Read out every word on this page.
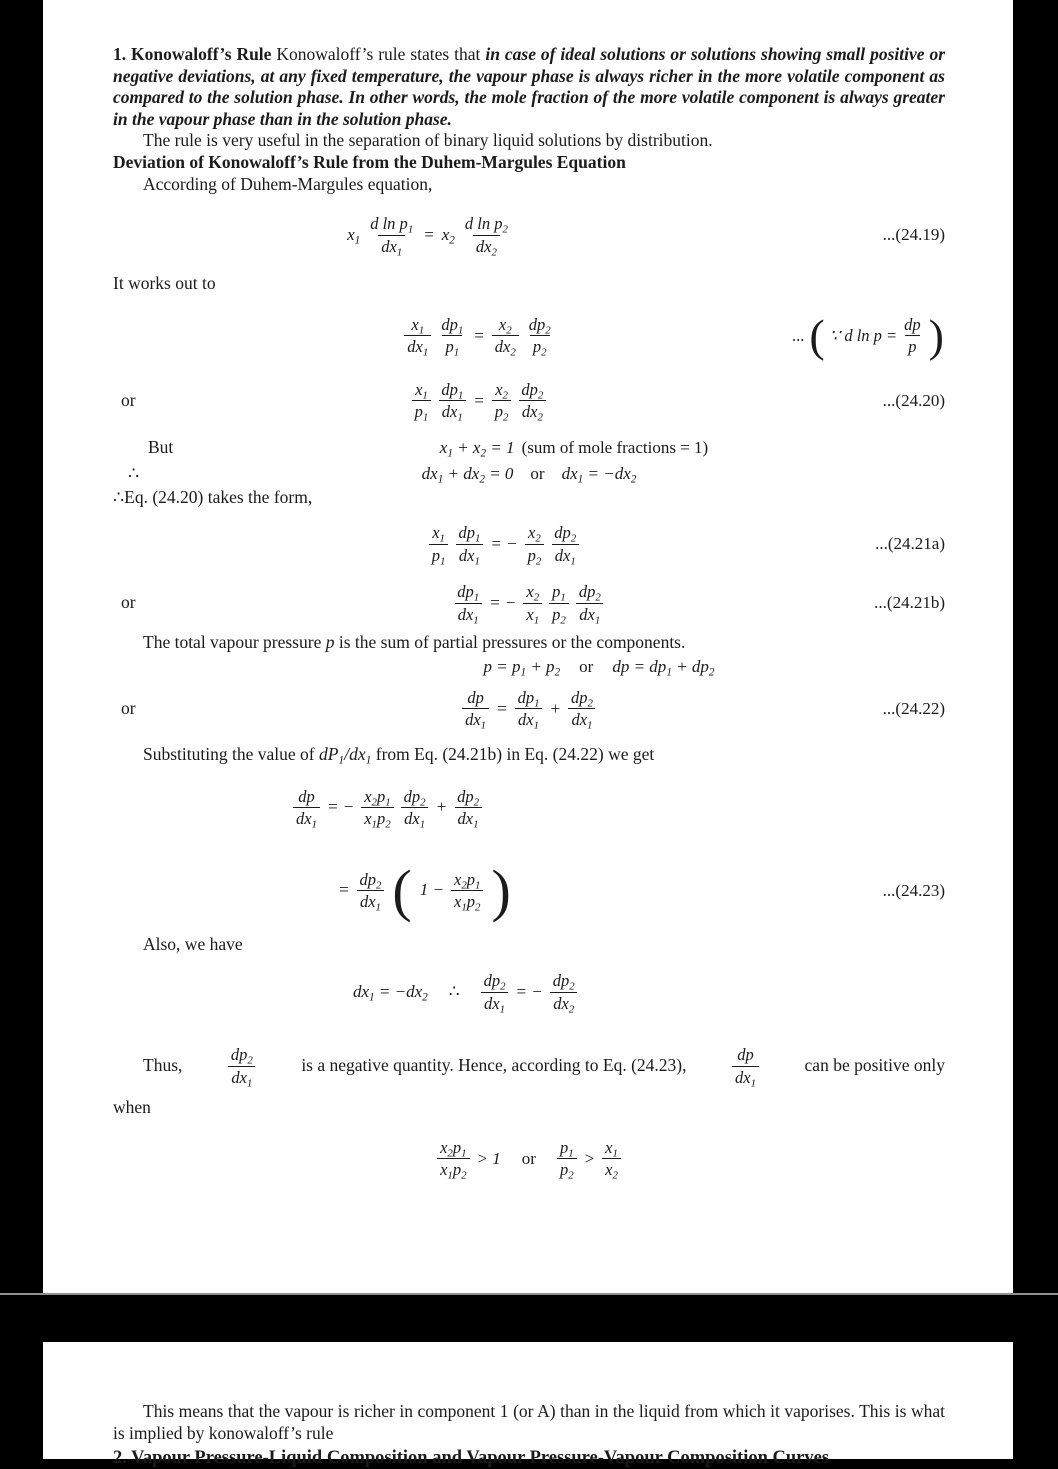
1. Konowaloff’s Rule Konowaloff’s rule states that in case of ideal solutions or solutions showing small positive or negative deviations, at any fixed temperature, the vapour phase is always richer in the more volatile component as compared to the solution phase. In other words, the mole fraction of the more volatile component is always greater in the vapour phase than in the solution phase.

The rule is very useful in the separation of binary liquid solutions by distribution.

Deviation of Konowaloff’s Rule from the Duhem-Margules Equation

According of Duhem-Margules equation,

$x_1 \frac{d \ln p_1}{dx_1} = x_2 \frac{d \ln p_2}{dx_2}$	...(24.19)

It works out to

$\frac{x_1}{dx_1} \frac{dp_1}{p_1} = \frac{x_2}{dx_2} \frac{dp_2}{p_2}$	... ( ∵ d $\ln p = \frac{dp}{p}$ )
or	$\frac{x_1}{p_1} \frac{dp_1}{dx_1} = \frac{x_2}{p_2} \frac{dp_2}{dx_2}$	...(24.20)
But	$x_1 + x_2 = 1$ (sum of mole fractions = 1)
∴	$dx_1 + dx_2 = 0$	or	$dx_1 = -dx_2$

∴Eq. (24.20) takes the form,

$\frac{x_1}{p_1} \frac{dp_1}{dx_1}$ = − $\frac{x_2}{p_2} \frac{dp_2}{dx_1}$	...(24.21a)
or	$\frac{dp_1}{dx_1}$ = − $\frac{x_2}{x_1} \frac{p_1}{p_2} \frac{dp_2}{dx_1}$	...(24.21b)

The total vapour pressure p is the sum of partial pressures or the components.

$p = p_1 + p_2$	or	dp = $dp_1 + dp_2$
or	$\frac{dp}{dx_1} = \frac{dp_1}{dx_1} + \frac{dp_2}{dx_1}$	...(24.22)

Substituting the value of $dP_1/dx_1$ from Eq. (24.21b) in Eq. (24.22) we get

$\frac{dp}{dx_1}$ = − $\frac{x_2p_1}{x_1p_2} \frac{dp_2}{dx_1} + \frac{dp_2}{dx_1}$
= $\frac{dp_2}{dx_1}$ ( $1 - \frac{x_2p_1}{x_1p_2}$ )	...(24.23)

Also, we have

$dx_1 = -dx_2$	∴	$\frac{dp_2}{dx_1}$ = − $\frac{dp_2}{dx_2}$
Thus,	$\frac{dp_2}{dx_1}$	is a negative quantity. Hence, according to Eq. (24.23),	$\frac{dp}{dx_1}$	can be positive only

when

$\frac{x_2p_1}{x_1p_2} > 1$	or	$\frac{p_1}{p_2} > \frac{x_1}{x_2}$

This means that the vapour is richer in component 1 (or A) than in the liquid from which it vaporises. This is what is implied by konowaloff’s rule

2. Vapour Pressure-Liquid Composition and Vapour Pressure-Vapour Composition Curves
